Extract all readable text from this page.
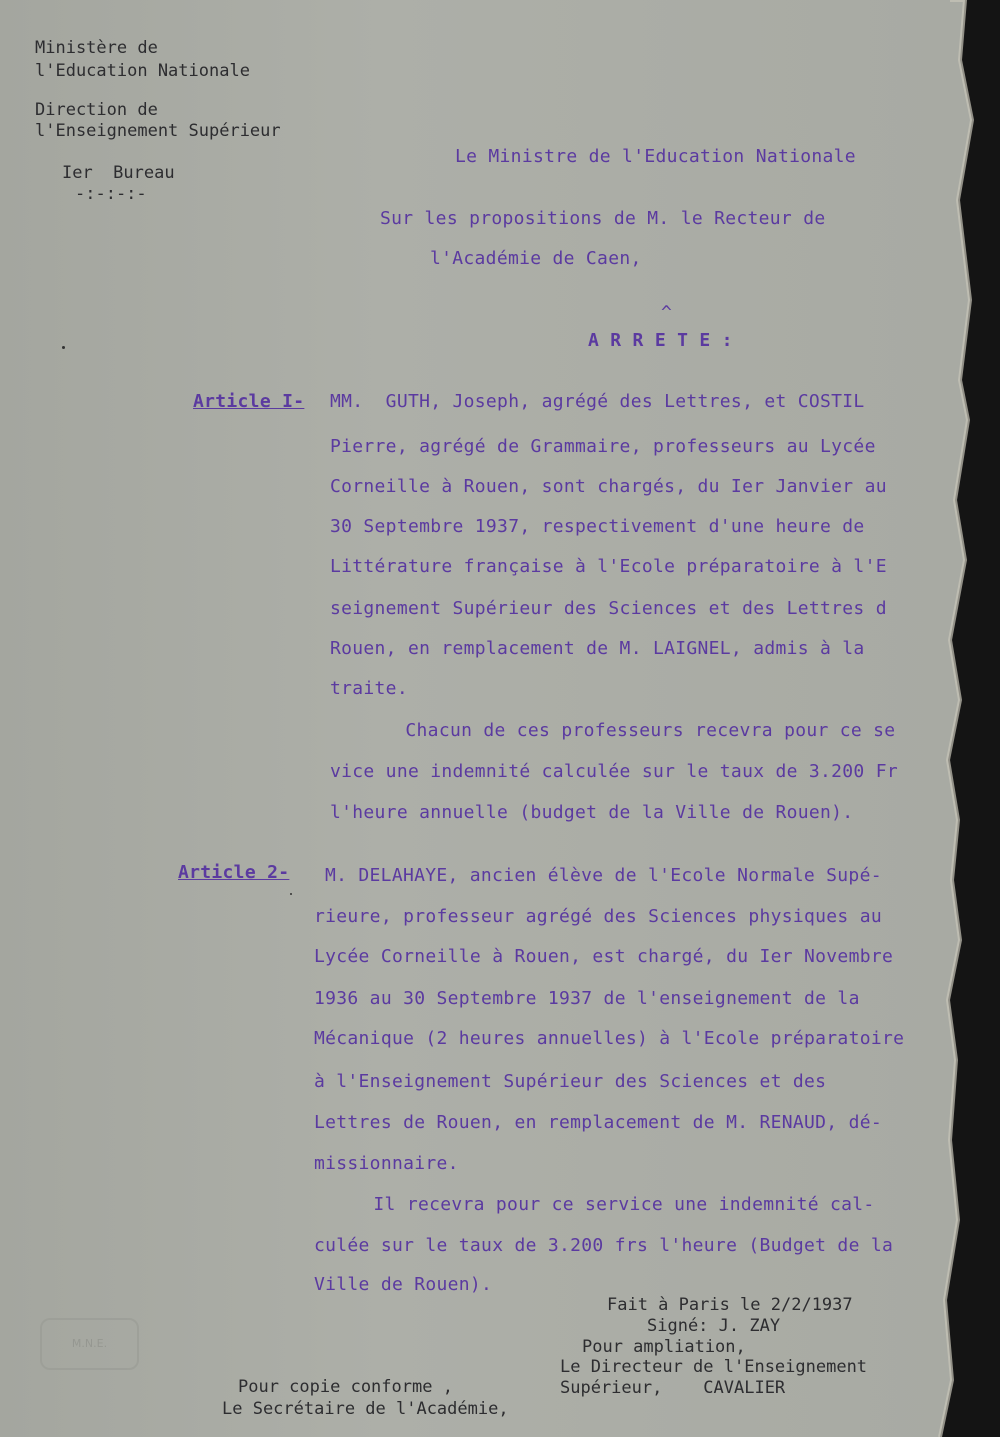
Ministère de
l'Education Nationale
Direction de
l'Enseignement Supérieur
Ier  Bureau
-:-:-:-
Le Ministre de l'Education Nationale
Sur les propositions de M. le Recteur de
l'Académie de Caen,
^
A R R E T E :
Article I- MM.  GUTH, Joseph, agrégé des Lettres, et COSTIL
Pierre, agrégé de Grammaire, professeurs au Lycée
Corneille à Rouen, sont chargés, du Ier Janvier au
30 Septembre 1937, respectivement d'une heure de
Littérature française à l'Ecole préparatoire à l'E
seignement Supérieur des Sciences et des Lettres d
Rouen, en remplacement de M. LAIGNEL, admis à la
traite.
Chacun de ces professeurs recevra pour ce se
vice une indemnité calculée sur le taux de 3.200 Fr
l'heure annuelle (budget de la Ville de Rouen).
Article 2- M. DELAHAYE, ancien élève de l'Ecole Normale Supé-
rieure, professeur agrégé des Sciences physiques au
Lycée Corneille à Rouen, est chargé, du Ier Novembre
1936 au 30 Septembre 1937 de l'enseignement de la
Mécanique (2 heures annuelles) à l'Ecole préparatoire
à l'Enseignement Supérieur des Sciences et des
Lettres de Rouen, en remplacement de M. RENAUD, dé-
missionnaire.
Il recevra pour ce service une indemnité cal-
culée sur le taux de 3.200 frs l'heure (Budget de la
Ville de Rouen).
Fait à Paris le 2/2/1937
Signé: J. ZAY
Pour ampliation,
Le Directeur de l'Enseignement
Supérieur,    CAVALIER
Pour copie conforme ,
Le Secrétaire de l'Académie,
M.N.E.
